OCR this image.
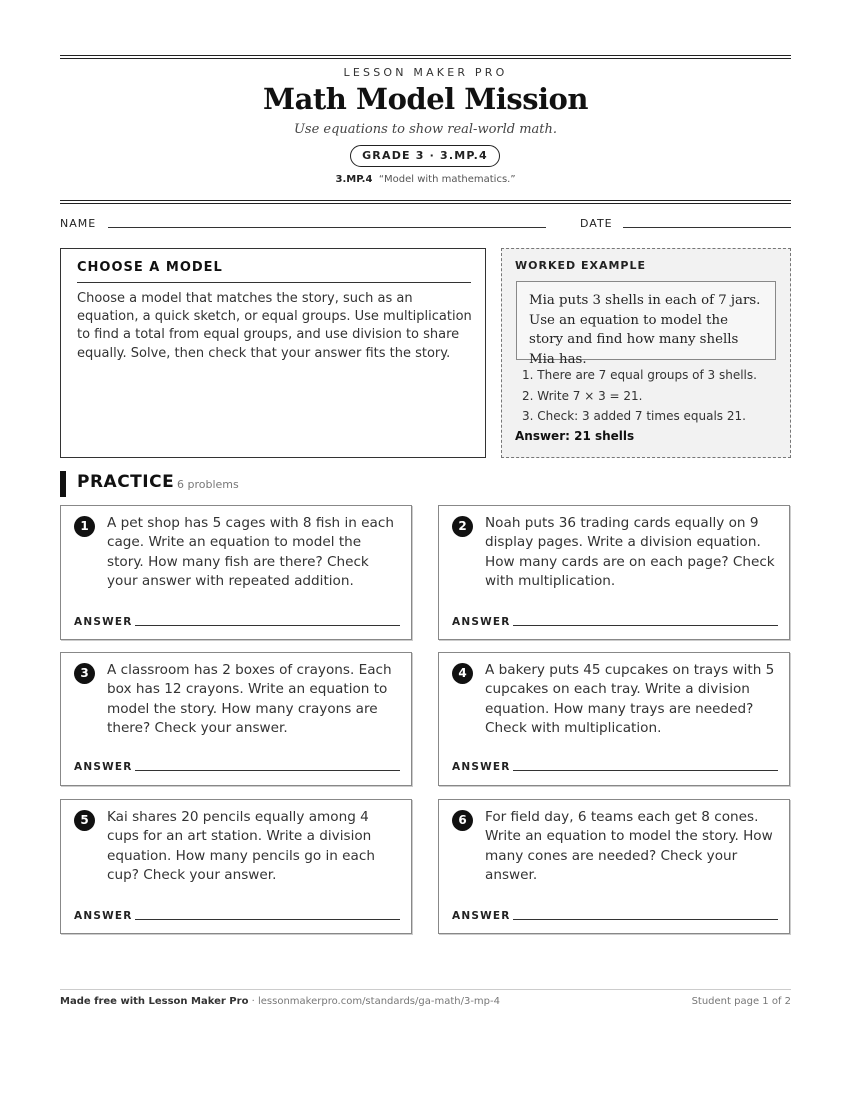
LESSON MAKER PRO
Math Model Mission
Use equations to show real-world math.
GRADE 3 · 3.MP.4
3.MP.4 “Model with mathematics.”
NAME	DATE
CHOOSE A MODEL
Choose a model that matches the story, such as an equation, a quick sketch, or equal groups. Use multiplication to find a total from equal groups, and use division to share equally. Solve, then check that your answer fits the story.
WORKED EXAMPLE
Mia puts 3 shells in each of 7 jars. Use an equation to model the story and find how many shells Mia has.
1. There are 7 equal groups of 3 shells.
2. Write 7 × 3 = 21.
3. Check: 3 added 7 times equals 21.
Answer: 21 shells
PRACTICE 6 problems
1	A pet shop has 5 cages with 8 fish in each cage. Write an equation to model the story. How many fish are there? Check your answer with repeated addition.
ANSWER
2	Noah puts 36 trading cards equally on 9 display pages. Write a division equation. How many cards are on each page? Check with multiplication.
ANSWER
3	A classroom has 2 boxes of crayons. Each box has 12 crayons. Write an equation to model the story. How many crayons are there? Check your answer.
ANSWER
4	A bakery puts 45 cupcakes on trays with 5 cupcakes on each tray. Write a division equation. How many trays are needed? Check with multiplication.
ANSWER
5	Kai shares 20 pencils equally among 4 cups for an art station. Write a division equation. How many pencils go in each cup? Check your answer.
ANSWER
6	For field day, 6 teams each get 8 cones. Write an equation to model the story. How many cones are needed? Check your answer.
ANSWER
Made free with Lesson Maker Pro · lessonmakerpro.com/standards/ga-math/3-mp-4	Student page 1 of 2
